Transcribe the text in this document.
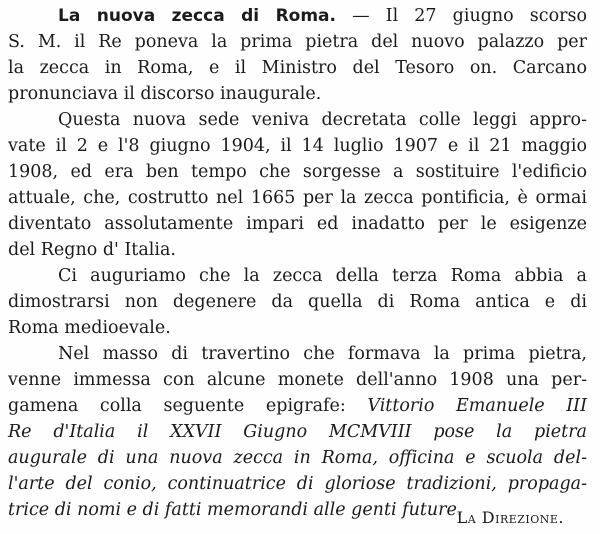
La nuova zecca di Roma. — Il 27 giugno scorso
S. M. il Re poneva la prima pietra del nuovo palazzo per
la zecca in Roma, e il Ministro del Tesoro on. Carcano
pronunciava il discorso inaugurale.
Questa nuova sede veniva decretata colle leggi appro-
vate il 2 e l'8 giugno 1904, il 14 luglio 1907 e il 21 maggio
1908, ed era ben tempo che sorgesse a sostituire l'edificio
attuale, che, costrutto nel 1665 per la zecca pontificia, è ormai
diventato assolutamente impari ed inadatto per le esigenze
del Regno d' Italia.
Ci auguriamo che la zecca della terza Roma abbia a
dimostrarsi non degenere da quella di Roma antica e di
Roma medioevale.
Nel masso di travertino che formava la prima pietra,
venne immessa con alcune monete dell'anno 1908 una per-
gamena colla seguente epigrafe: Vittorio Emanuele III
Re d'Italia il XXVII Giugno MCMVIII pose la pietra
augurale di una nuova zecca in Roma, officina e scuola del-
l'arte del conio, continuatrice di gloriose tradizioni, propaga-
trice di nomi e di fatti memorandi alle genti future.
La Direzione.
